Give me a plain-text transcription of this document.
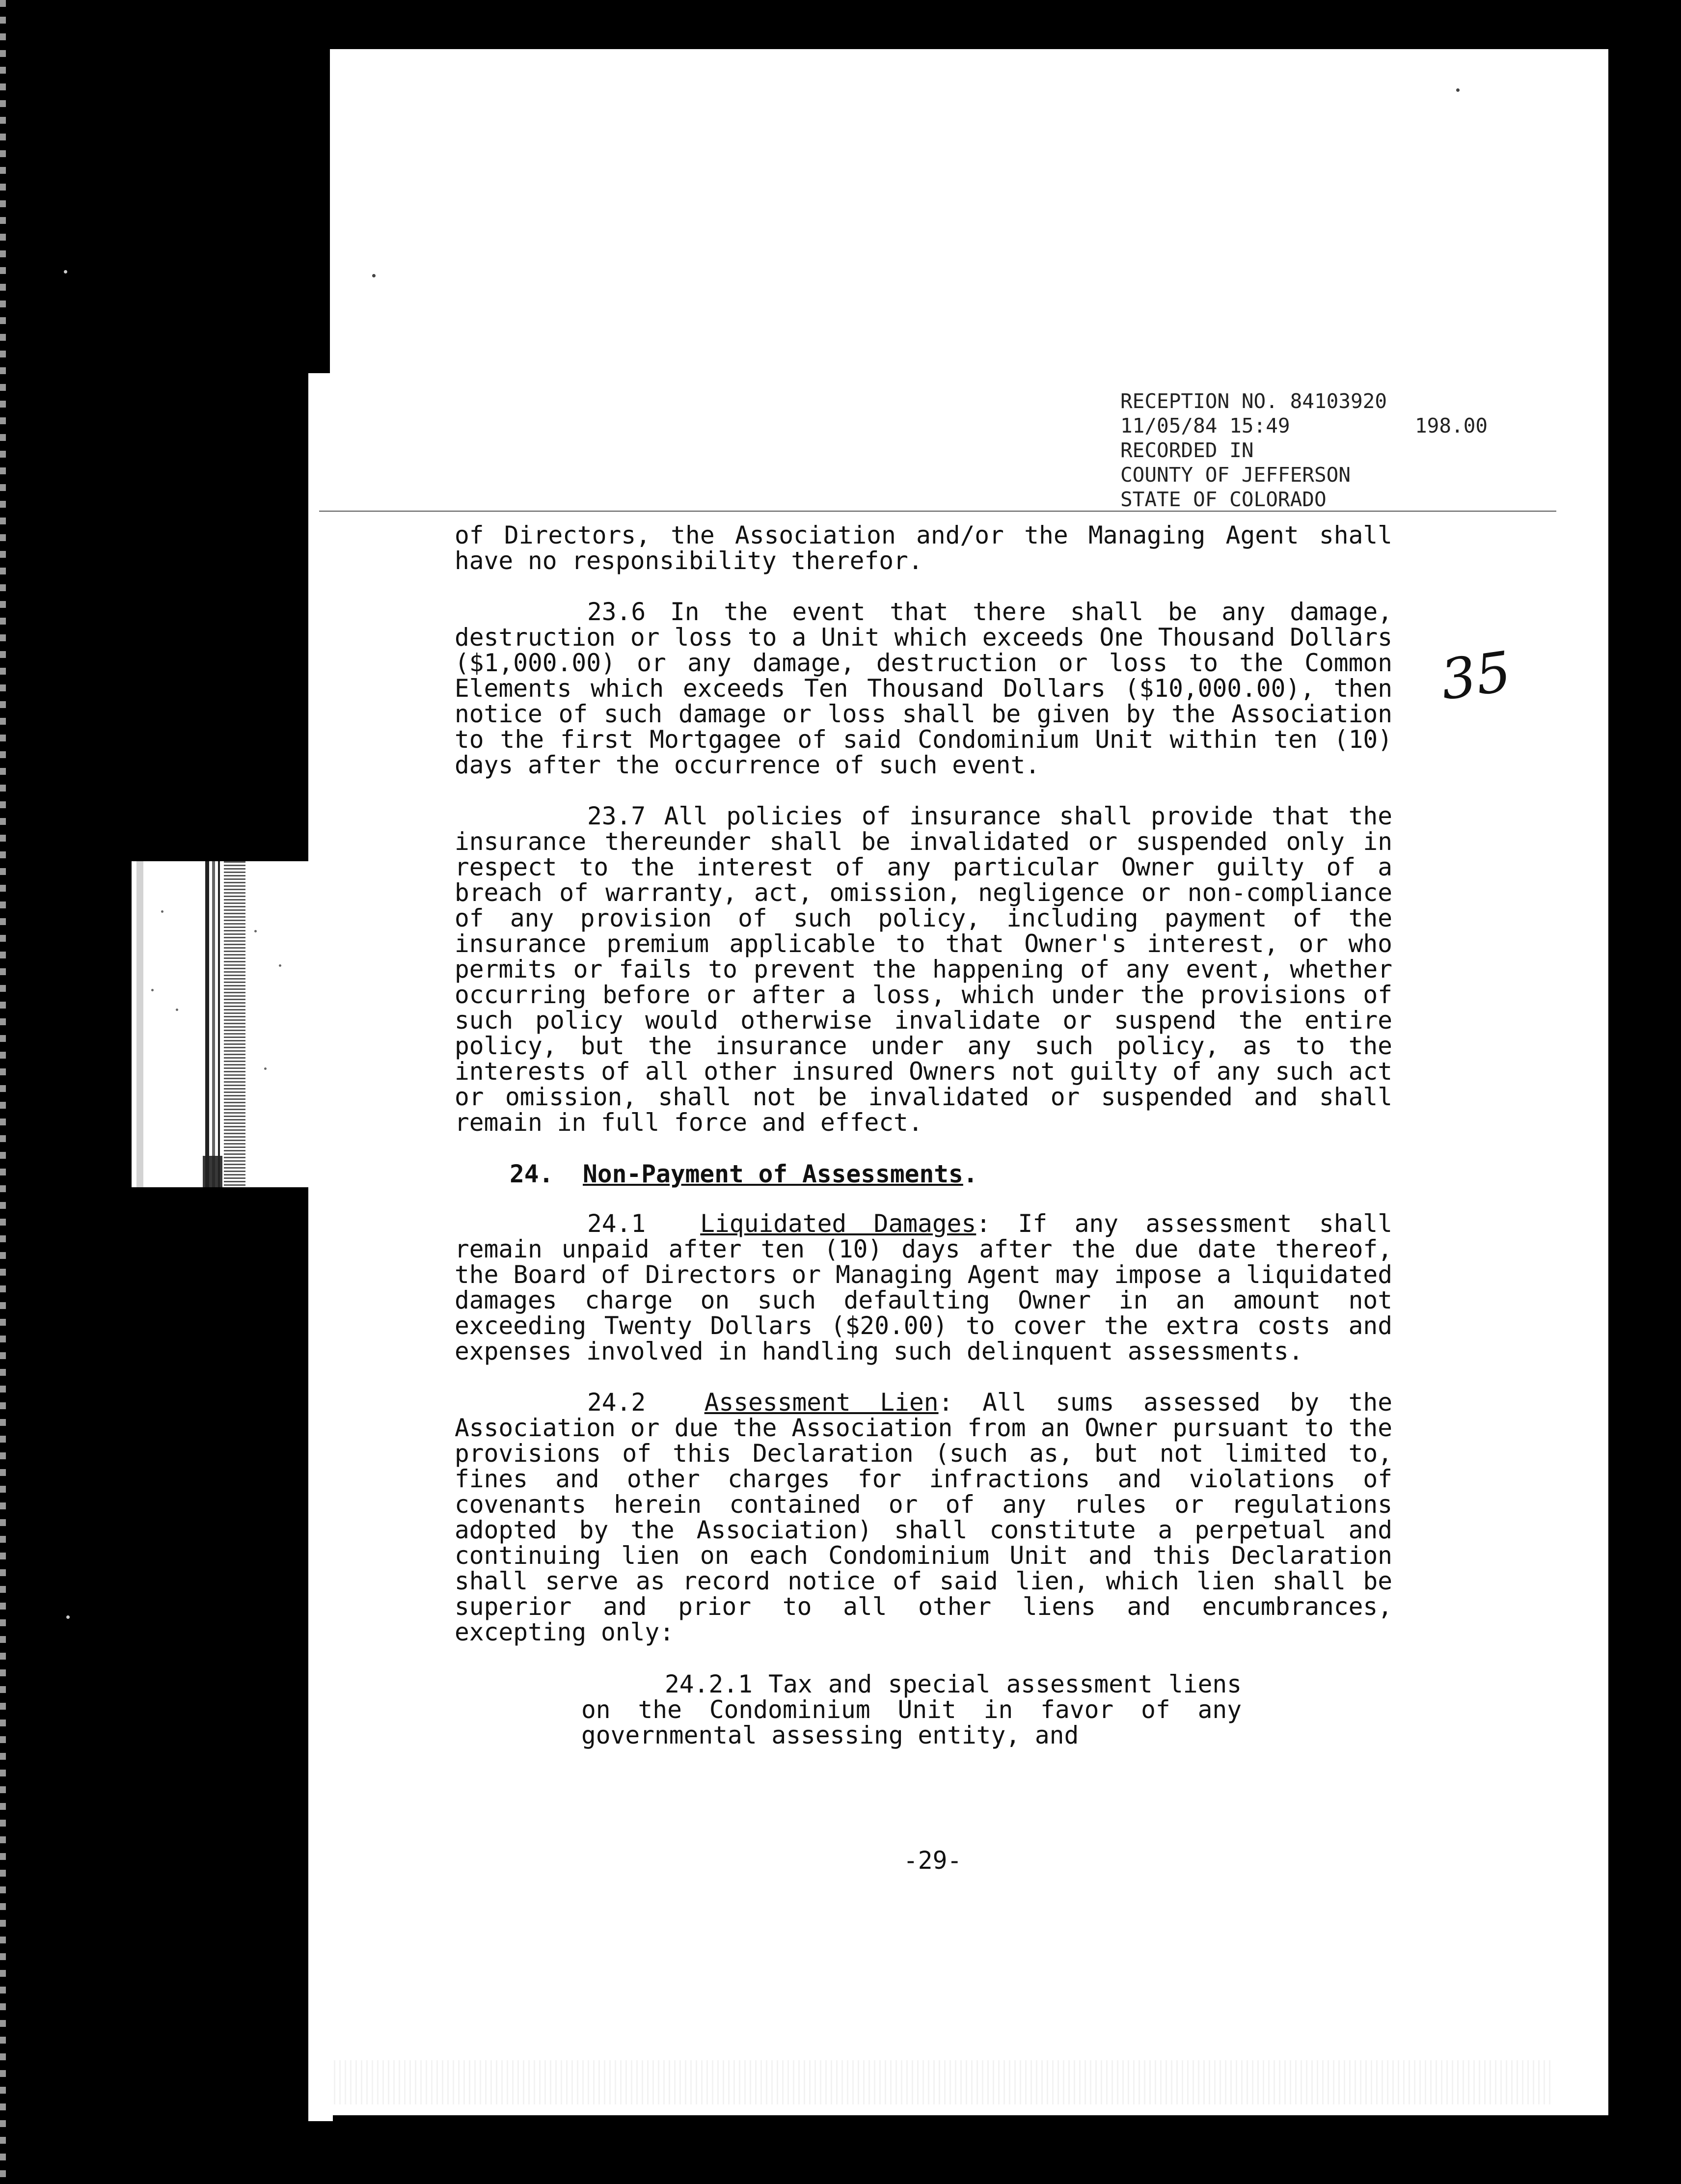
RECEPTION NO. 84103920
11/05/84 15:49
RECORDED IN
COUNTY OF JEFFERSON
STATE OF COLORADO
198.00
35

of Directors, the Association and/or the Managing Agent shall have no responsibility therefor.

23.6 In the event that there shall be any damage, destruction or loss to a Unit which exceeds One Thousand Dollars ($1,000.00) or any damage, destruction or loss to the Common Elements which exceeds Ten Thousand Dollars ($10,000.00), then notice of such damage or loss shall be given by the Association to the first Mortgagee of said Condominium Unit within ten (10) days after the occurrence of such event.

23.7 All policies of insurance shall provide that the insurance thereunder shall be invalidated or suspended only in respect to the interest of any particular Owner guilty of a breach of warranty, act, omission, negligence or non-compliance of any provision of such policy, including payment of the insurance premium applicable to that Owner's interest, or who permits or fails to prevent the happening of any event, whether occurring before or after a loss, which under the provisions of such policy would otherwise invalidate or suspend the entire policy, but the insurance under any such policy, as to the interests of all other insured Owners not guilty of any such act or omission, shall not be invalidated or suspended and shall remain in full force and effect.

24. Non-Payment of Assessments.

24.1 Liquidated Damages: If any assessment shall remain unpaid after ten (10) days after the due date thereof, the Board of Directors or Managing Agent may impose a liquidated damages charge on such defaulting Owner in an amount not exceeding Twenty Dollars ($20.00) to cover the extra costs and expenses involved in handling such delinquent assessments.

24.2 Assessment Lien: All sums assessed by the Association or due the Association from an Owner pursuant to the provisions of this Declaration (such as, but not limited to, fines and other charges for infractions and violations of covenants herein contained or of any rules or regulations adopted by the Association) shall constitute a perpetual and continuing lien on each Condominium Unit and this Declaration shall serve as record notice of said lien, which lien shall be superior and prior to all other liens and encumbrances, excepting only:

24.2.1 Tax and special assessment liens on the Condominium Unit in favor of any governmental assessing entity, and

-29-
